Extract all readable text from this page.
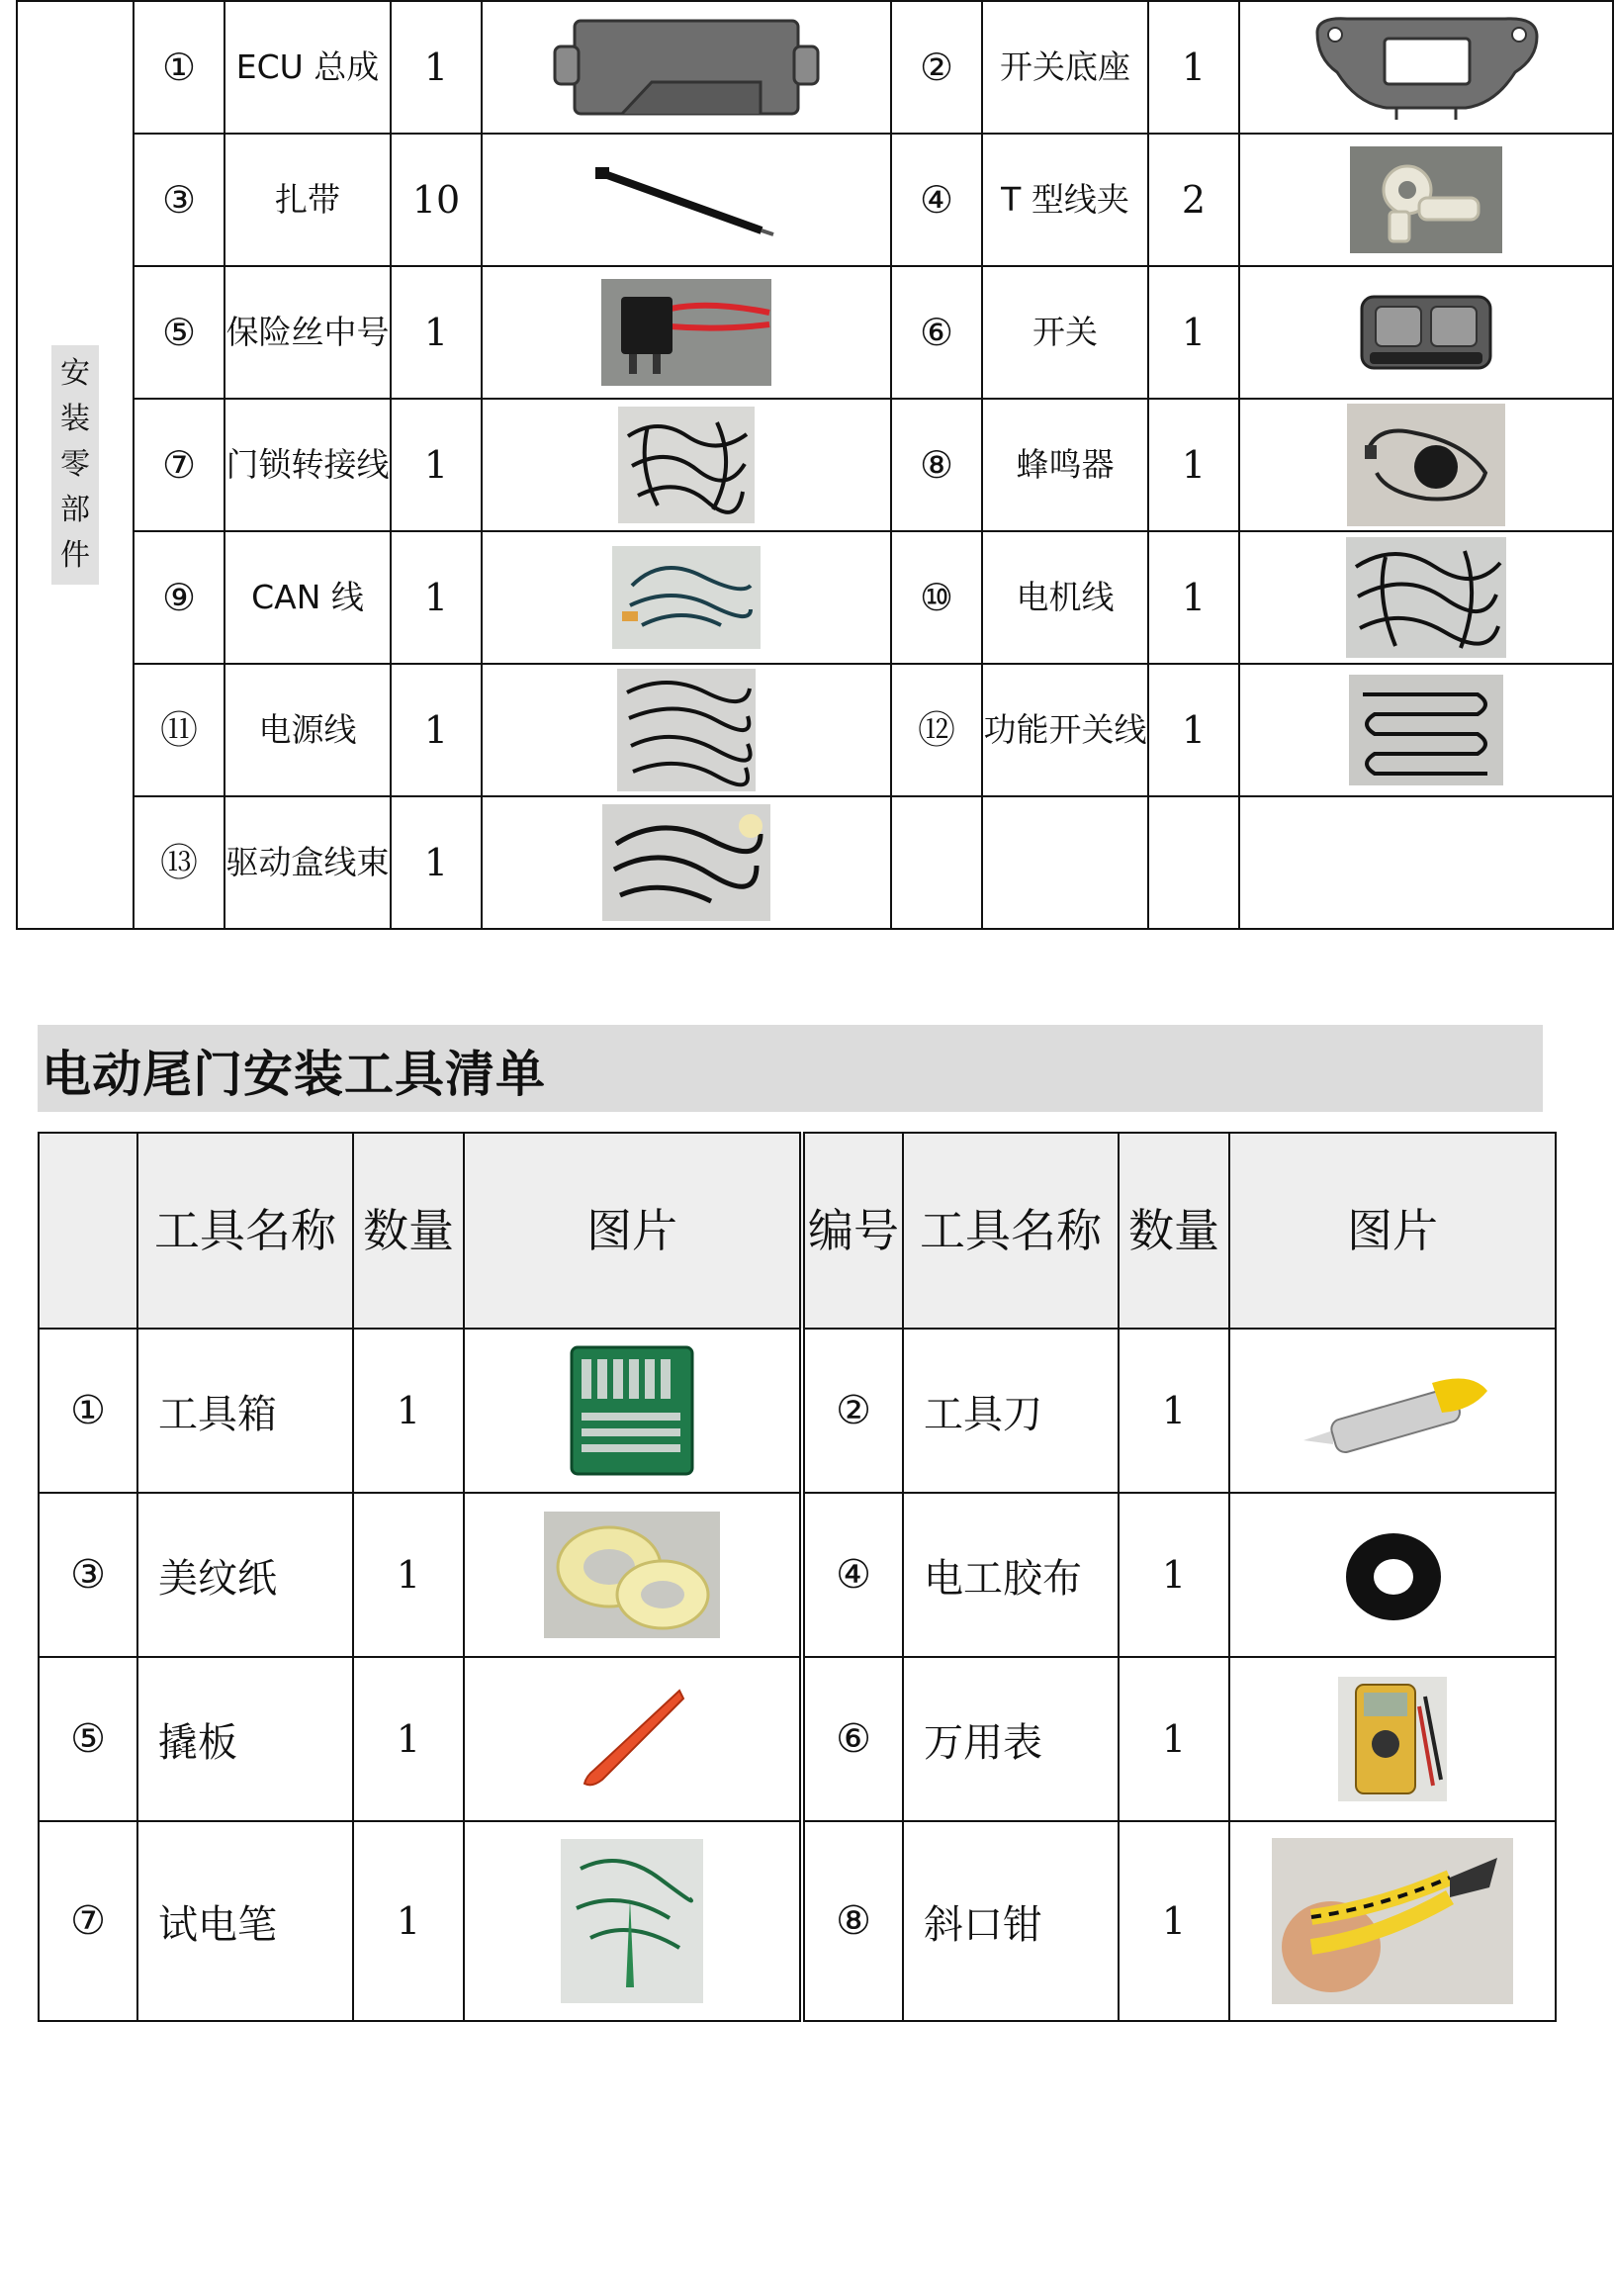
安
装
零
部
件	①	ECU 总成	1		②	开关底座	1	
	③	扎带	10		④	T 型线夹	2	
	⑤	保险丝中号	1		⑥	开关	1	
	⑦	门锁转接线	1		⑧	蜂鸣器	1	
	⑨	CAN 线	1		⑩	电机线	1	
	⑪	电源线	1		⑫	功能开关线	1	
	⑬	驱动盒线束	1					
电动尾门安装工具清单
	工具名称	数量	图片	编号	工具名称	数量	图片
①	工具箱	1		②	工具刀	1	
③	美纹纸	1		④	电工胶布	1	
⑤	撬板	1		⑥	万用表	1	
⑦	试电笔	1		⑧	斜口钳	1	
